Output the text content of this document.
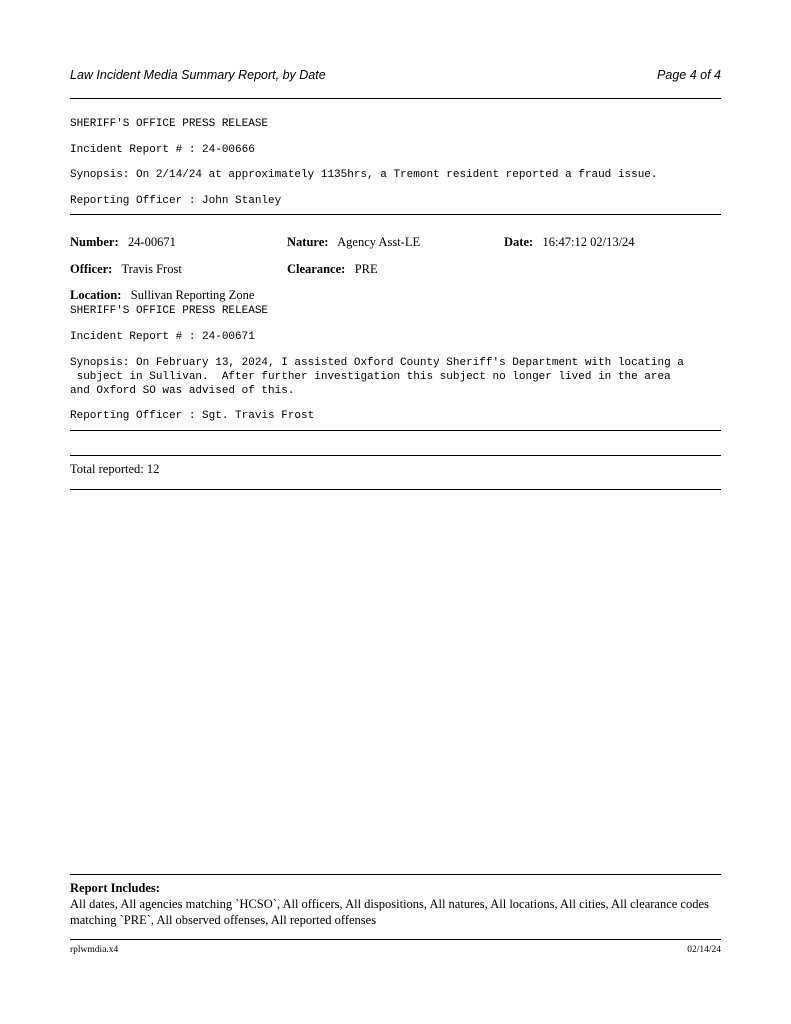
Law Incident Media Summary Report, by Date	Page 4 of 4
SHERIFF'S OFFICE PRESS RELEASE
Incident Report # : 24-00666
Synopsis: On 2/14/24 at approximately 1135hrs, a Tremont resident reported a fraud issue.
Reporting Officer : John Stanley
Number: 24-00671	Nature: Agency Asst-LE	Date: 16:47:12 02/13/24
Officer: Travis Frost	Clearance: PRE
Location: Sullivan Reporting Zone
SHERIFF'S OFFICE PRESS RELEASE
Incident Report # : 24-00671
Synopsis: On February 13, 2024, I assisted Oxford County Sheriff's Department with locating a
subject in Sullivan.  After further investigation this subject no longer lived in the area
and Oxford SO was advised of this.
Reporting Officer : Sgt. Travis Frost
Total reported: 12
Report Includes:
All dates, All agencies matching `HCSO`, All officers, All dispositions, All natures, All locations, All cities, All clearance codes matching `PRE`, All observed offenses, All reported offenses
rplwmdia.x4	02/14/24
